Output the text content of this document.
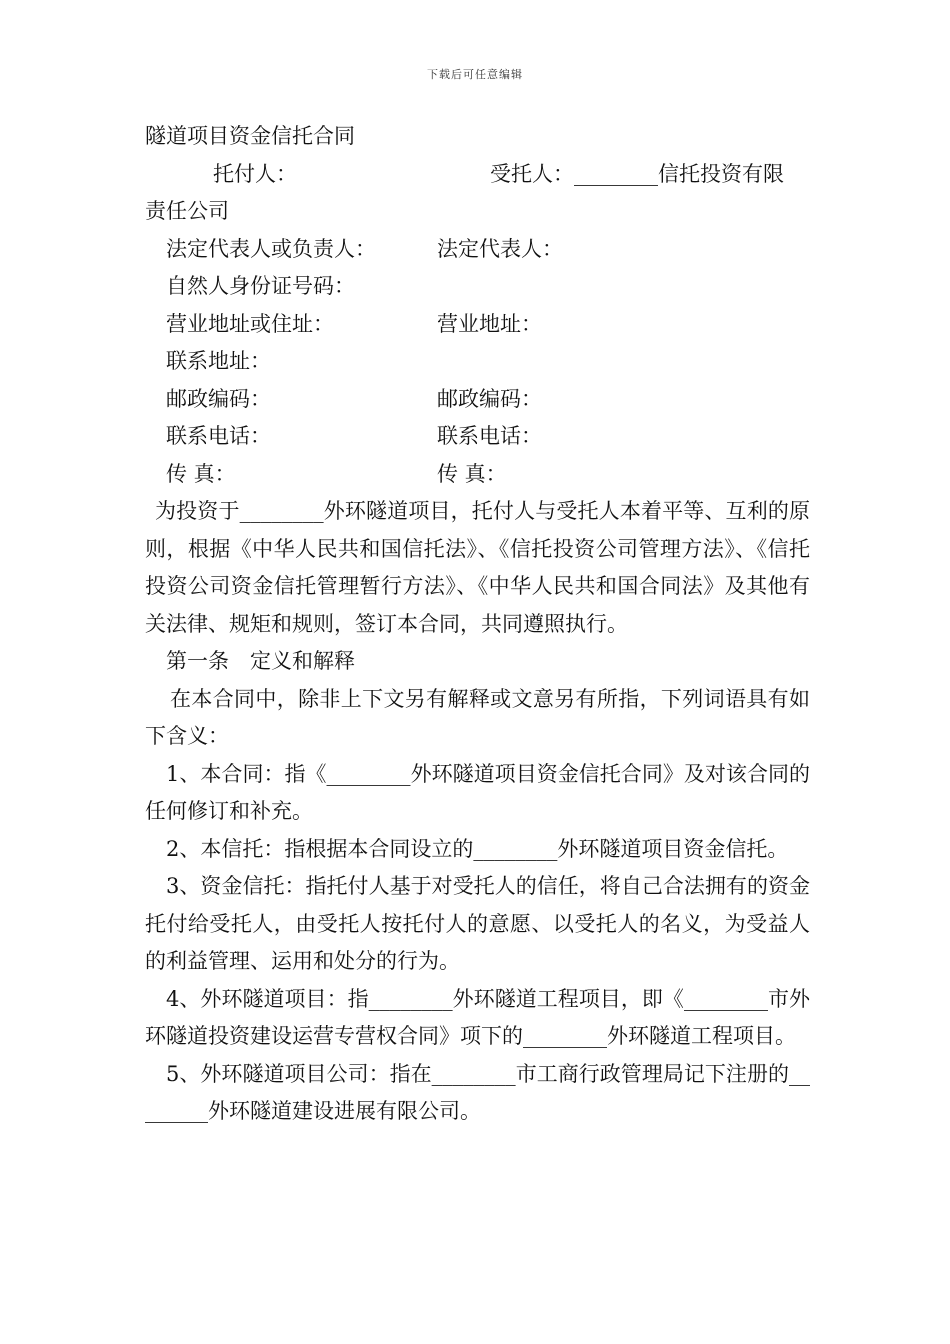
下载后可任意编辑
隧道项目资金信托合同
托付人：	受托人：________信托投资有限
责任公司
法定代表人或负责人：	法定代表人：
自然人身份证号码：
营业地址或住址：	营业地址：
联系地址：
邮政编码：	邮政编码：
联系电话：	联系电话：
传 真：	传 真：
为投资于________外环隧道项目，托付人与受托人本着平等、互利的原则，根据《中华人民共和国信托法》、《信托投资公司管理方法》、《信托投资公司资金信托管理暂行方法》、《中华人民共和国合同法》及其他有关法律、规矩和规则，签订本合同，共同遵照执行。
第一条　定义和解释
在本合同中，除非上下文另有解释或文意另有所指，下列词语具有如下含义：
1、本合同：指《________外环隧道项目资金信托合同》及对该合同的任何修订和补充。
2、本信托：指根据本合同设立的________外环隧道项目资金信托。
3、资金信托：指托付人基于对受托人的信任，将自己合法拥有的资金托付给受托人，由受托人按托付人的意愿、以受托人的名义，为受益人的利益管理、运用和处分的行为。
4、外环隧道项目：指________外环隧道工程项目，即《________市外环隧道投资建设运营专营权合同》项下的________外环隧道工程项目。
5、外环隧道项目公司：指在________市工商行政管理局记下注册的________外环隧道建设进展有限公司。
